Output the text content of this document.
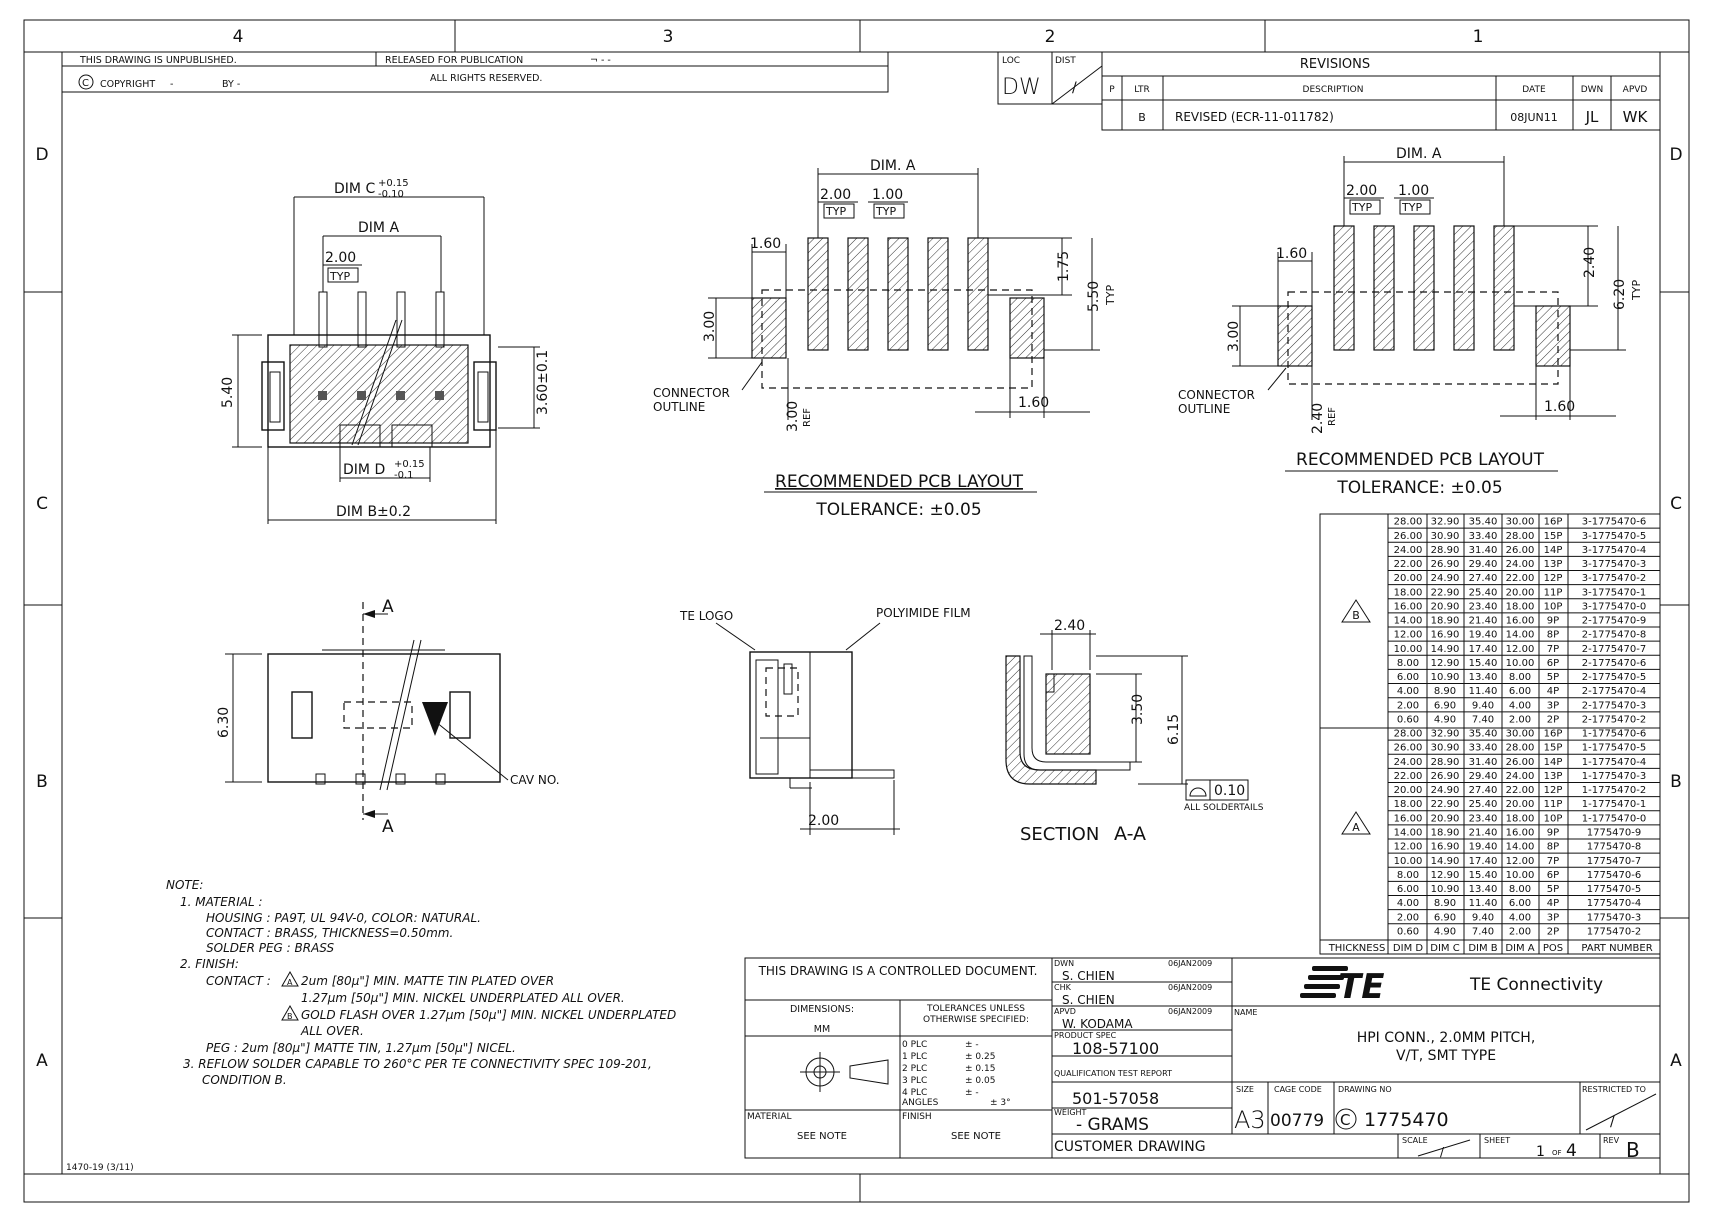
4	3	2	1
D
C
B
A
D
C
B
A
THIS DRAWING IS UNPUBLISHED.	RELEASED FOR PUBLICATION	¬ - -
C COPYRIGHT -	BY -
ALL RIGHTS RESERVED.
LOC
DW
DIST
/
REVISIONS
P LTR	DESCRIPTION	DATE	DWN APVD
B REVISED (ECR-11-011782)	08JUN11 JL WK
DIM C +0.15
-0.10
DIM A
2.00
TYP
5.40	3.60±0.1
DIM D +0.15
-0.1
DIM B±0.2
DIM. A
2.00
TYP
1.00
TYP
1.60
1.75
5.50 TYP
3.00
CONNECTOR
OUTLINE	3.00 REF
1.60
RECOMMENDED PCB LAYOUT
TOLERANCE: ±0.05
DIM. A
2.00
TYP
1.00
TYP
1.60	2.40
6.20 TYP
3.00
CONNECTOR
OUTLINE	2.40 REF	1.60
RECOMMENDED PCB LAYOUT
TOLERANCE: ±0.05
A
A
6.30
CAV NO.
TE LOGO	POLYIMIDE FILM
2.00
2.40
3.50
6.15
0.10
ALL SOLDERTAILS
SECTION A-A
NOTE:
1. MATERIAL :
HOUSING : PA9T, UL 94V-0, COLOR: NATURAL.
CONTACT : BRASS, THICKNESS=0.50mm.
SOLDER PEG : BRASS
2. FINISH:
CONTACT : A 2um [80µ"] MIN. MATTE TIN PLATED OVER
1.27µm [50µ"] MIN. NICKEL UNDERPLATED ALL OVER.
B GOLD FLASH OVER 1.27µm [50µ"] MIN. NICKEL UNDERPLATED
ALL OVER.
PEG : 2um [80µ"] MATTE TIN, 1.27µm [50µ"] NICEL.
3. REFLOW SOLDER CAPABLE TO 260°C PER TE CONNECTIVITY SPEC 109-201,
CONDITION B.
28.00 32.90 35.40 30.00 16P 3-1775470-6
26.00 30.90 33.40 28.00 15P 3-1775470-5
24.00 28.90 31.40 26.00 14P 3-1775470-4
22.00 26.90 29.40 24.00 13P 3-1775470-3
20.00 24.90 27.40 22.00 12P 3-1775470-2
18.00 22.90 25.40 20.00 11P 3-1775470-1
16.00 20.90 23.40 18.00 10P 3-1775470-0
14.00 18.90 21.40 16.00 9P 2-1775470-9
12.00 16.90 19.40 14.00 8P 2-1775470-8
10.00 14.90 17.40 12.00 7P 2-1775470-7
8.00 12.90 15.40 10.00 6P 2-1775470-6
6.00 10.90 13.40 8.00 5P 2-1775470-5
4.00 8.90 11.40 6.00 4P 2-1775470-4
2.00 6.90 9.40 4.00 3P 2-1775470-3
0.60 4.90 7.40 2.00 2P 2-1775470-2
28.00 32.90 35.40 30.00 16P 1-1775470-6
26.00 30.90 33.40 28.00 15P 1-1775470-5
24.00 28.90 31.40 26.00 14P 1-1775470-4
22.00 26.90 29.40 24.00 13P 1-1775470-3
20.00 24.90 27.40 22.00 12P 1-1775470-2
18.00 22.90 25.40 20.00 11P 1-1775470-1
16.00 20.90 23.40 18.00 10P 1-1775470-0
14.00 18.90 21.40 16.00 9P	1775470-9
12.00 16.90 19.40 14.00 8P	1775470-8
10.00 14.90 17.40 12.00 7P	1775470-7
8.00 12.90 15.40 10.00 6P	1775470-6
6.00 10.90 13.40 8.00 5P	1775470-5
4.00 8.90 11.40 6.00 4P	1775470-4
2.00 6.90 9.40 4.00 3P	1775470-3
0.60 4.90 7.40 2.00 2P	1775470-2
THICKNESS DIM D DIM C DIM B DIM A POS PART NUMBER
B
A
THIS DRAWING IS A CONTROLLED DOCUMENT.
DIMENSIONS:
MM
TOLERANCES UNLESS
OTHERWISE SPECIFIED:
0 PLC	± -
1 PLC	± 0.25
2 PLC	± 0.15
3 PLC	± 0.05
4 PLC	± -
ANGLES	± 3°
MATERIAL
SEE NOTE
FINISH
SEE NOTE
DWN	06JAN2009
CHK	06JAN2009
APVD	06JAN2009
PRODUCT SPEC
QUALIFICATION TEST REPORT
WEIGHT
S. CHIEN
S. CHIEN
W. KODAMA
108-57100
501-57058
- GRAMS
CUSTOMER DRAWING
TE	TE Connectivity
NAME
HPI CONN., 2.0MM PITCH,
V/T, SMT TYPE
SIZE
A3
CAGE CODE
00779
DRAWING NO
C 1775470
RESTRICTED TO
/
SCALE
/
SHEET
1 OF 4
REV B
1470-19 (3/11)
